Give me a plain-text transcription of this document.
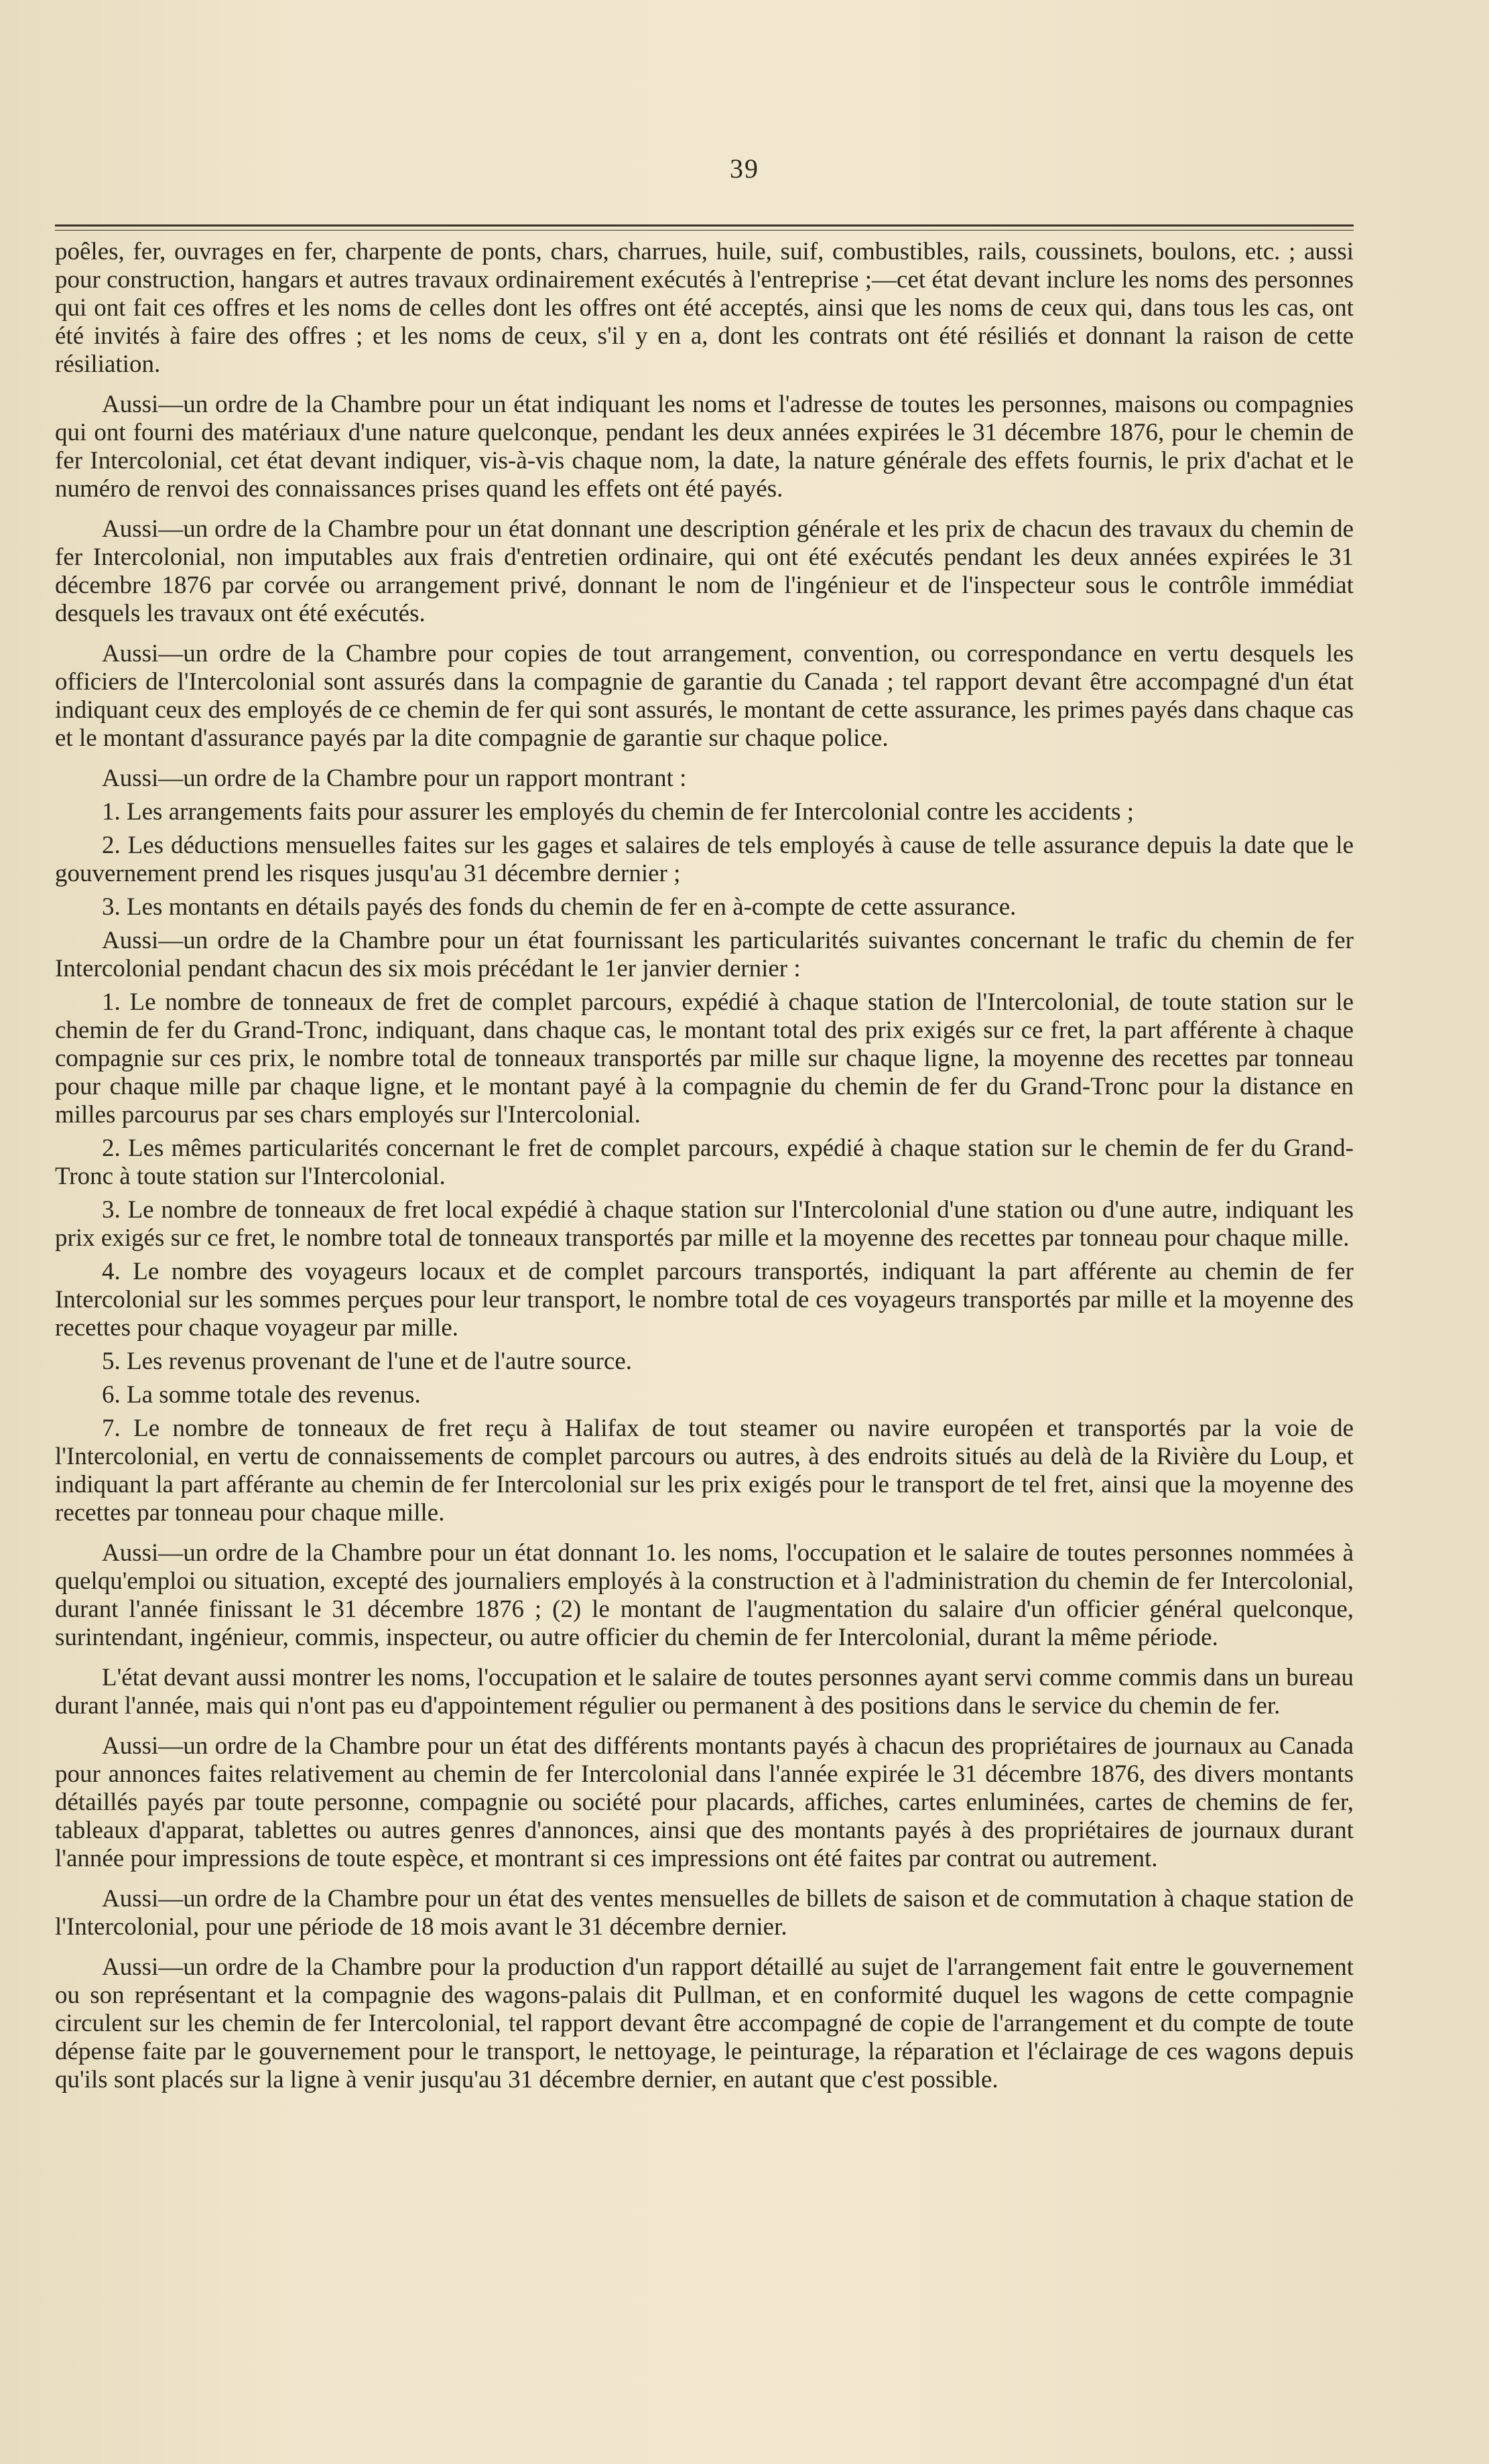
39

poêles, fer, ouvrages en fer, charpente de ponts, chars, charrues, huile, suif, combustibles, rails, coussinets, boulons, etc. ; aussi pour construction, hangars et autres travaux ordinairement exécutés à l'entreprise ;—cet état devant inclure les noms des personnes qui ont fait ces offres et les noms de celles dont les offres ont été acceptés, ainsi que les noms de ceux qui, dans tous les cas, ont été invités à faire des offres ; et les noms de ceux, s'il y en a, dont les contrats ont été résiliés et donnant la raison de cette résiliation.

Aussi—un ordre de la Chambre pour un état indiquant les noms et l'adresse de toutes les personnes, maisons ou compagnies qui ont fourni des matériaux d'une nature quelconque, pendant les deux années expirées le 31 décembre 1876, pour le chemin de fer Intercolonial, cet état devant indiquer, vis-à-vis chaque nom, la date, la nature générale des effets fournis, le prix d'achat et le numéro de renvoi des connaissances prises quand les effets ont été payés.

Aussi—un ordre de la Chambre pour un état donnant une description générale et les prix de chacun des travaux du chemin de fer Intercolonial, non imputables aux frais d'entretien ordinaire, qui ont été exécutés pendant les deux années expirées le 31 décembre 1876 par corvée ou arrangement privé, donnant le nom de l'ingénieur et de l'inspecteur sous le contrôle immédiat desquels les travaux ont été exécutés.

Aussi—un ordre de la Chambre pour copies de tout arrangement, convention, ou correspondance en vertu desquels les officiers de l'Intercolonial sont assurés dans la compagnie de garantie du Canada ; tel rapport devant être accompagné d'un état indiquant ceux des employés de ce chemin de fer qui sont assurés, le montant de cette assurance, les primes payés dans chaque cas et le montant d'assurance payés par la dite compagnie de garantie sur chaque police.

Aussi—un ordre de la Chambre pour un rapport montrant :

1. Les arrangements faits pour assurer les employés du chemin de fer Intercolonial contre les accidents ;

2. Les déductions mensuelles faites sur les gages et salaires de tels employés à cause de telle assurance depuis la date que le gouvernement prend les risques jusqu'au 31 décembre dernier ;

3. Les montants en détails payés des fonds du chemin de fer en à-compte de cette assurance.

Aussi—un ordre de la Chambre pour un état fournissant les particularités suivantes concernant le trafic du chemin de fer Intercolonial pendant chacun des six mois précédant le 1er janvier dernier :

1. Le nombre de tonneaux de fret de complet parcours, expédié à chaque station de l'Intercolonial, de toute station sur le chemin de fer du Grand-Tronc, indiquant, dans chaque cas, le montant total des prix exigés sur ce fret, la part afférente à chaque compagnie sur ces prix, le nombre total de tonneaux transportés par mille sur chaque ligne, la moyenne des recettes par tonneau pour chaque mille par chaque ligne, et le montant payé à la compagnie du chemin de fer du Grand-Tronc pour la distance en milles parcourus par ses chars employés sur l'Intercolonial.

2. Les mêmes particularités concernant le fret de complet parcours, expédié à chaque station sur le chemin de fer du Grand-Tronc à toute station sur l'Intercolonial.

3. Le nombre de tonneaux de fret local expédié à chaque station sur l'Intercolonial d'une station ou d'une autre, indiquant les prix exigés sur ce fret, le nombre total de tonneaux transportés par mille et la moyenne des recettes par tonneau pour chaque mille.

4. Le nombre des voyageurs locaux et de complet parcours transportés, indiquant la part afférente au chemin de fer Intercolonial sur les sommes perçues pour leur transport, le nombre total de ces voyageurs transportés par mille et la moyenne des recettes pour chaque voyageur par mille.

5. Les revenus provenant de l'une et de l'autre source.

6. La somme totale des revenus.

7. Le nombre de tonneaux de fret reçu à Halifax de tout steamer ou navire européen et transportés par la voie de l'Intercolonial, en vertu de connaissements de complet parcours ou autres, à des endroits situés au delà de la Rivière du Loup, et indiquant la part afférante au chemin de fer Intercolonial sur les prix exigés pour le transport de tel fret, ainsi que la moyenne des recettes par tonneau pour chaque mille.

Aussi—un ordre de la Chambre pour un état donnant 1o. les noms, l'occupation et le salaire de toutes personnes nommées à quelqu'emploi ou situation, excepté des journaliers employés à la construction et à l'administration du chemin de fer Intercolonial, durant l'année finissant le 31 décembre 1876 ; (2) le montant de l'augmentation du salaire d'un officier général quelconque, surintendant, ingénieur, commis, inspecteur, ou autre officier du chemin de fer Intercolonial, durant la même période.

L'état devant aussi montrer les noms, l'occupation et le salaire de toutes personnes ayant servi comme commis dans un bureau durant l'année, mais qui n'ont pas eu d'appointement régulier ou permanent à des positions dans le service du chemin de fer.

Aussi—un ordre de la Chambre pour un état des différents montants payés à chacun des propriétaires de journaux au Canada pour annonces faites relativement au chemin de fer Intercolonial dans l'année expirée le 31 décembre 1876, des divers montants détaillés payés par toute personne, compagnie ou société pour placards, affiches, cartes enluminées, cartes de chemins de fer, tableaux d'apparat, tablettes ou autres genres d'annonces, ainsi que des montants payés à des propriétaires de journaux durant l'année pour impressions de toute espèce, et montrant si ces impressions ont été faites par contrat ou autrement.

Aussi—un ordre de la Chambre pour un état des ventes mensuelles de billets de saison et de commutation à chaque station de l'Intercolonial, pour une période de 18 mois avant le 31 décembre dernier.

Aussi—un ordre de la Chambre pour la production d'un rapport détaillé au sujet de l'arrangement fait entre le gouvernement ou son représentant et la compagnie des wagons-palais dit Pullman, et en conformité duquel les wagons de cette compagnie circulent sur les chemin de fer Intercolonial, tel rapport devant être accompagné de copie de l'arrangement et du compte de toute dépense faite par le gouvernement pour le transport, le nettoyage, le peinturage, la réparation et l'éclairage de ces wagons depuis qu'ils sont placés sur la ligne à venir jusqu'au 31 décembre dernier, en autant que c'est possible.
